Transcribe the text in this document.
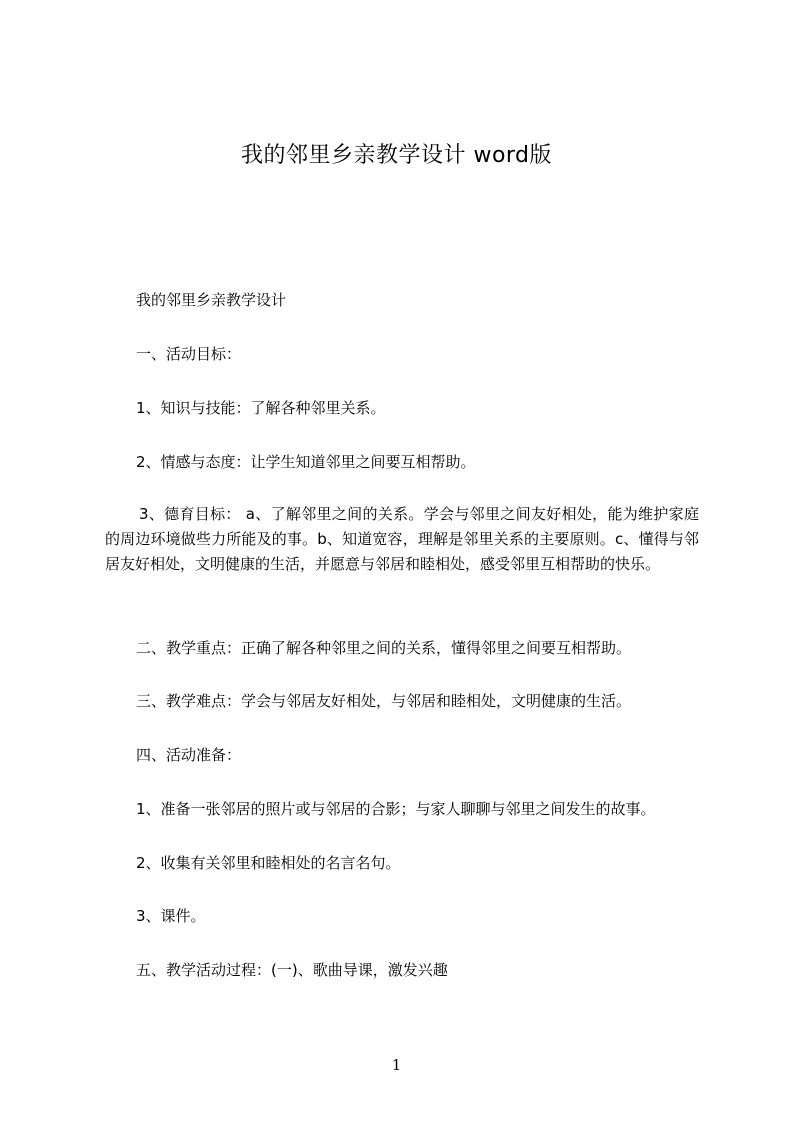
我的邻里乡亲教学设计 word版
我的邻里乡亲教学设计
一、活动目标：
1、知识与技能：了解各种邻里关系。
2、情感与态度：让学生知道邻里之间要互相帮助。
3、德育目标： a、了解邻里之间的关系。学会与邻里之间友好相处，能为维护家庭的周边环境做些力所能及的事。b、知道宽容，理解是邻里关系的主要原则。c、懂得与邻居友好相处，文明健康的生活，并愿意与邻居和睦相处，感受邻里互相帮助的快乐。
二、教学重点：正确了解各种邻里之间的关系，懂得邻里之间要互相帮助。
三、教学难点：学会与邻居友好相处，与邻居和睦相处，文明健康的生活。
四、活动准备：
1、准备一张邻居的照片或与邻居的合影；与家人聊聊与邻里之间发生的故事。
2、收集有关邻里和睦相处的名言名句。
3、课件。
五、教学活动过程：(一)、歌曲导课，激发兴趣
1
